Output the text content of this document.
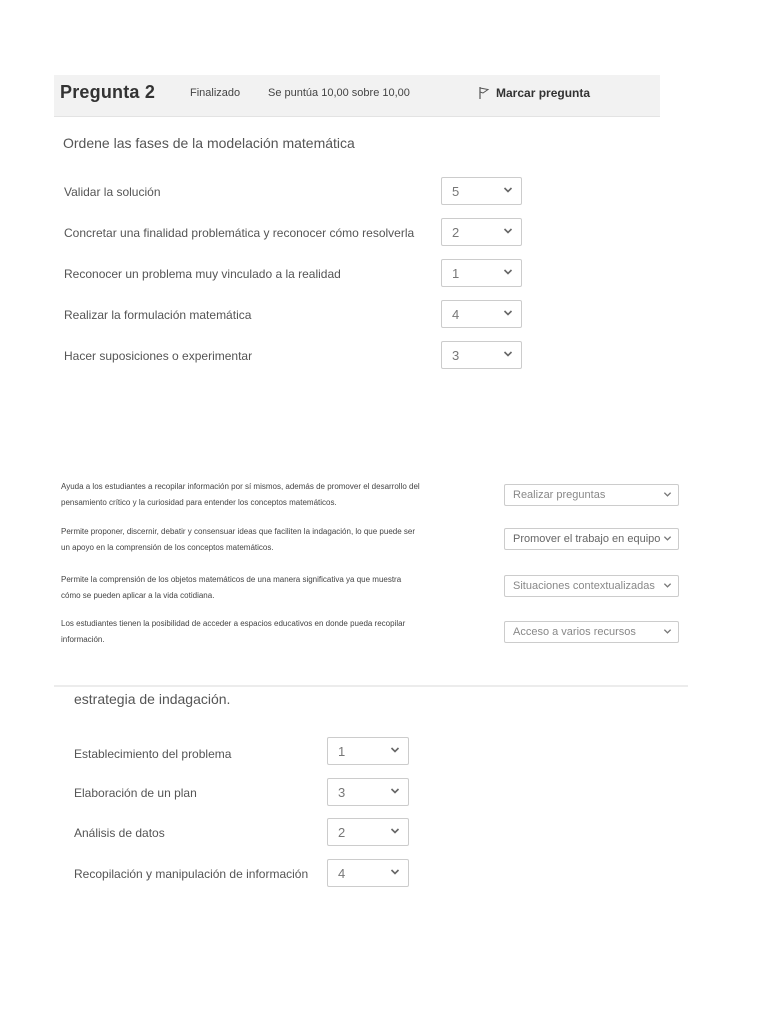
Pregunta 2	Finalizado	Se puntúa 10,00 sobre 10,00	Marcar pregunta
Ordene las fases de la modelación matemática
Validar la solución	5
Concretar una finalidad problemática y reconocer cómo resolverla	2
Reconocer un problema muy vinculado a la realidad	1
Realizar la formulación matemática	4
Hacer suposiciones o experimentar	3
Ayuda a los estudiantes a recopilar información por sí mismos, además de promover el desarrollo del
pensamiento crítico y la curiosidad para entender los conceptos matemáticos.
Realizar preguntas
Permite proponer, discernir, debatir y consensuar ideas que faciliten la indagación, lo que puede ser
un apoyo en la comprensión de los conceptos matemáticos.
Promover el trabajo en equipo
Permite la comprensión de los objetos matemáticos de una manera significativa ya que muestra
cómo se pueden aplicar a la vida cotidiana.
Situaciones contextualizadas
Los estudiantes tienen la posibilidad de acceder a espacios educativos en donde pueda recopilar
información.
Acceso a varios recursos
estrategia de indagación.
Establecimiento del problema	1
Elaboración de un plan	3
Análisis de datos	2
Recopilación y manipulación de información 4
